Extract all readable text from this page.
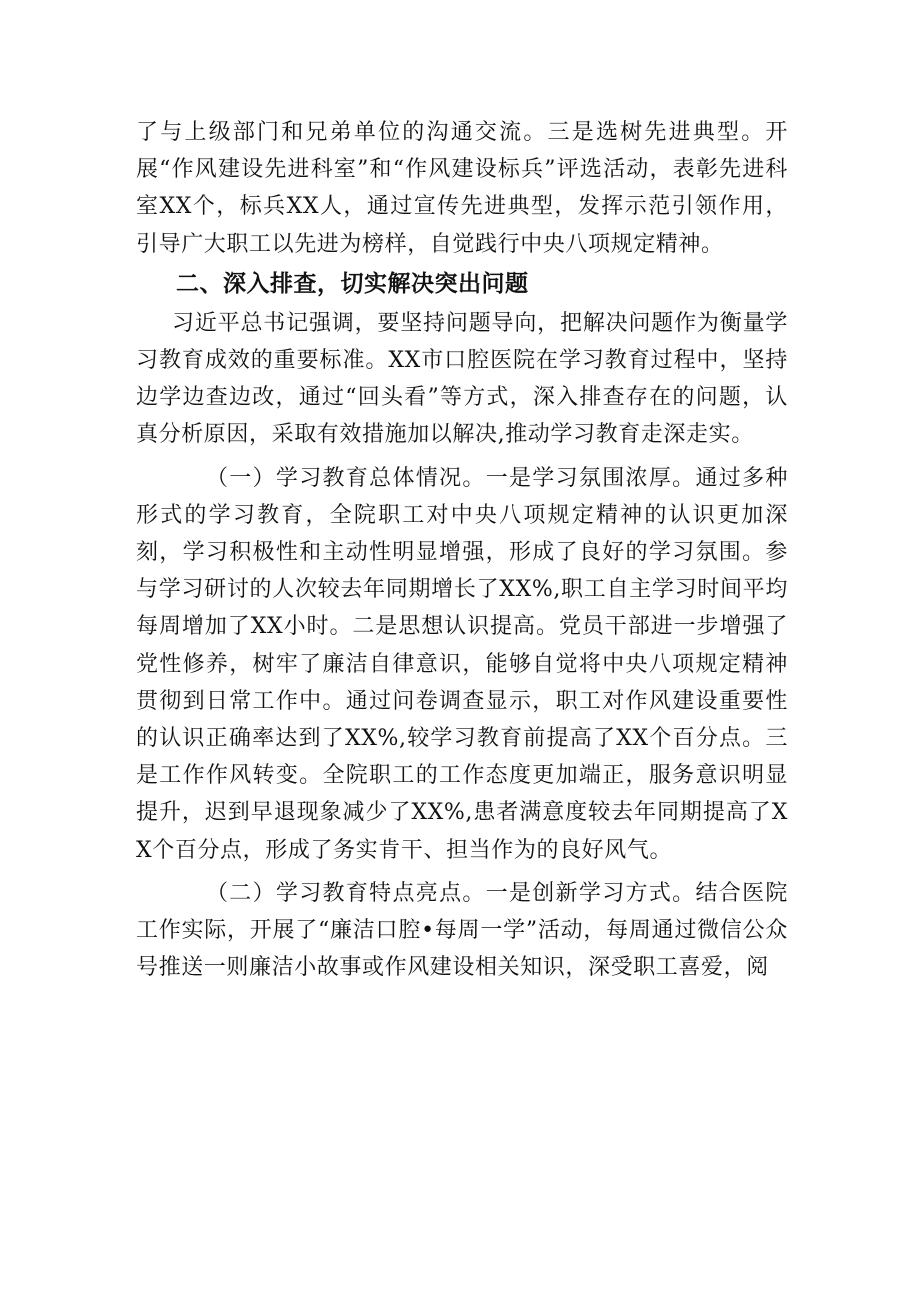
了与上级部门和兄弟单位的沟通交流。三是选树先进典型。开展“作风建设先进科室”和“作风建设标兵”评选活动，表彰先进科室XX个，标兵XX人，通过宣传先进典型，发挥示范引领作用，引导广大职工以先进为榜样，自觉践行中央八项规定精神。

二、深入排查，切实解决突出问题

习近平总书记强调，要坚持问题导向，把解决问题作为衡量学习教育成效的重要标准。XX市口腔医院在学习教育过程中，坚持边学边查边改，通过“回头看”等方式，深入排查存在的问题，认真分析原因，采取有效措施加以解决,推动学习教育走深走实。

（一）学习教育总体情况。一是学习氛围浓厚。通过多种形式的学习教育，全院职工对中央八项规定精神的认识更加深刻，学习积极性和主动性明显增强，形成了良好的学习氛围。参与学习研讨的人次较去年同期增长了XX%,职工自主学习时间平均每周增加了XX小时。二是思想认识提高。党员干部进一步增强了党性修养，树牢了廉洁自律意识，能够自觉将中央八项规定精神贯彻到日常工作中。通过问卷调查显示，职工对作风建设重要性的认识正确率达到了XX%,较学习教育前提高了XX个百分点。三是工作作风转变。全院职工的工作态度更加端正，服务意识明显提升，迟到早退现象减少了XX%,患者满意度较去年同期提高了XX个百分点，形成了务实肯干、担当作为的良好风气。

（二）学习教育特点亮点。一是创新学习方式。结合医院工作实际，开展了“廉洁口腔•每周一学”活动，每周通过微信公众号推送一则廉洁小故事或作风建设相关知识，深受职工喜爱，阅
